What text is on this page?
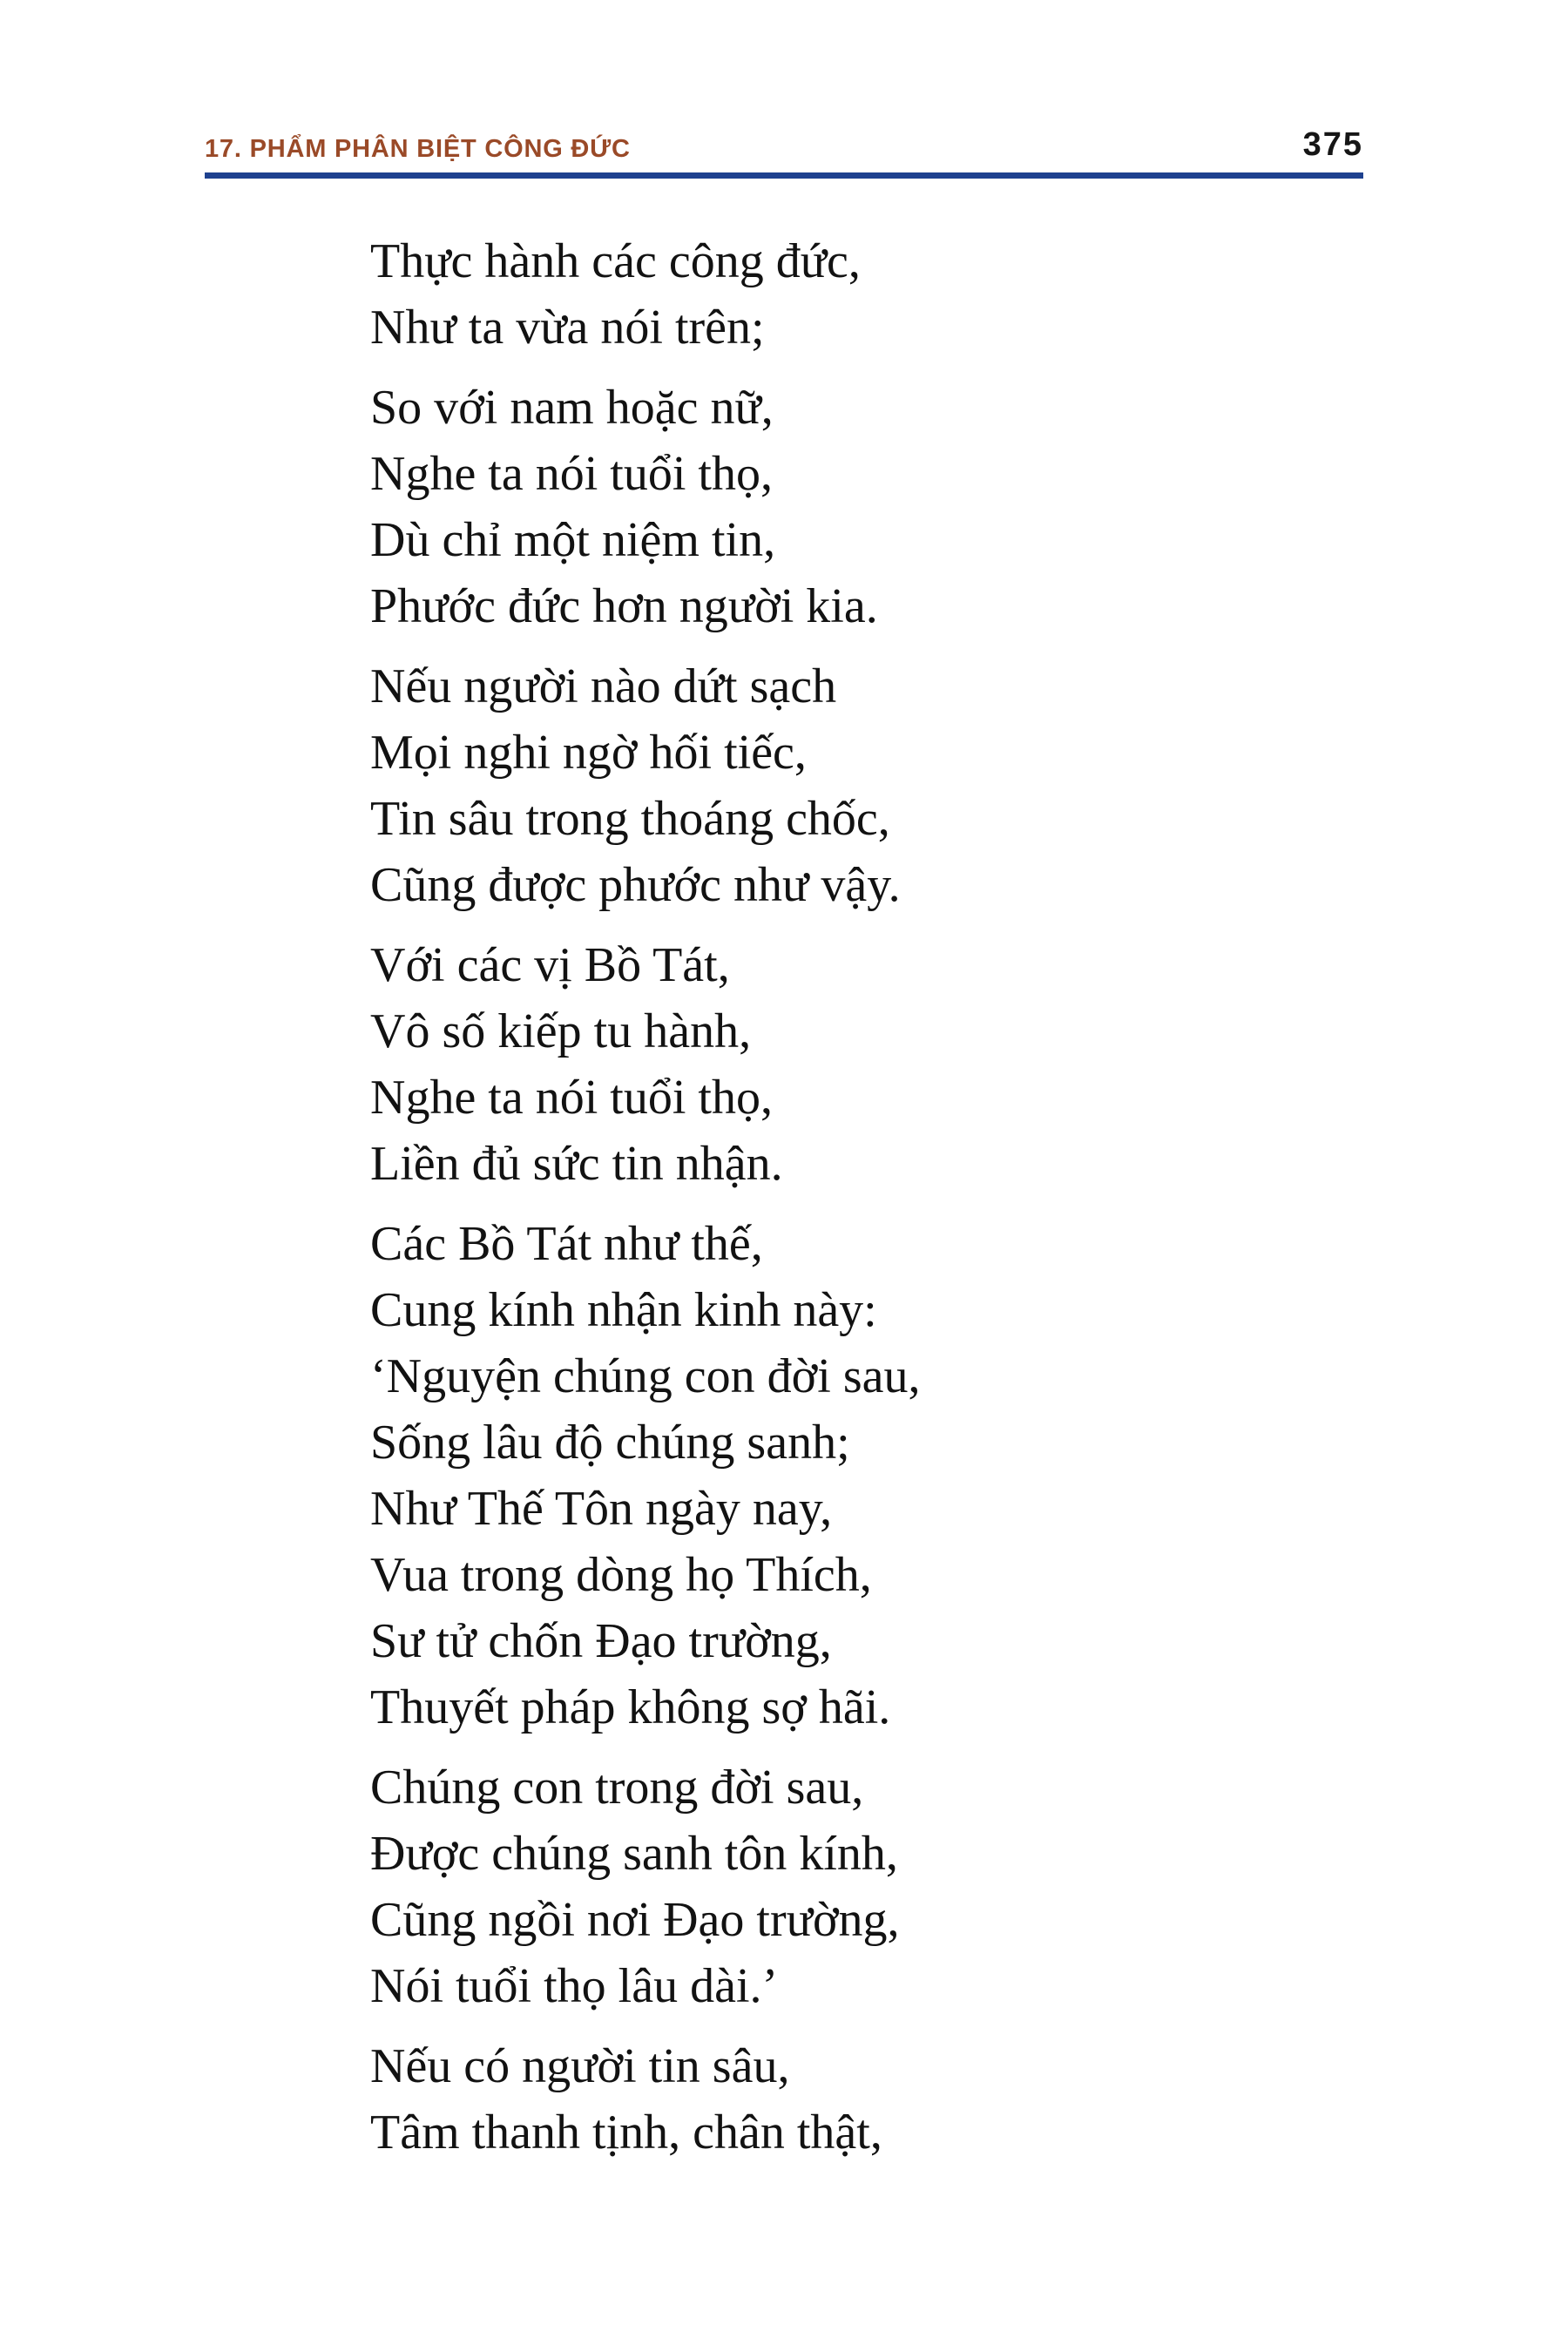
17. PHẨM PHÂN BIỆT CÔNG ĐỨC	375
Thực hành các công đức,
Như ta vừa nói trên;
So với nam hoặc nữ,
Nghe ta nói tuổi thọ,
Dù chỉ một niệm tin,
Phước đức hơn người kia.
Nếu người nào dứt sạch
Mọi nghi ngờ hối tiếc,
Tin sâu trong thoáng chốc,
Cũng được phước như vậy.
Với các vị Bồ Tát,
Vô số kiếp tu hành,
Nghe ta nói tuổi thọ,
Liền đủ sức tin nhận.
Các Bồ Tát như thế,
Cung kính nhận kinh này:
‘Nguyện chúng con đời sau,
Sống lâu độ chúng sanh;
Như Thế Tôn ngày nay,
Vua trong dòng họ Thích,
Sư tử chốn Đạo trường,
Thuyết pháp không sợ hãi.
Chúng con trong đời sau,
Được chúng sanh tôn kính,
Cũng ngồi nơi Đạo trường,
Nói tuổi thọ lâu dài.’
Nếu có người tin sâu,
Tâm thanh tịnh, chân thật,
